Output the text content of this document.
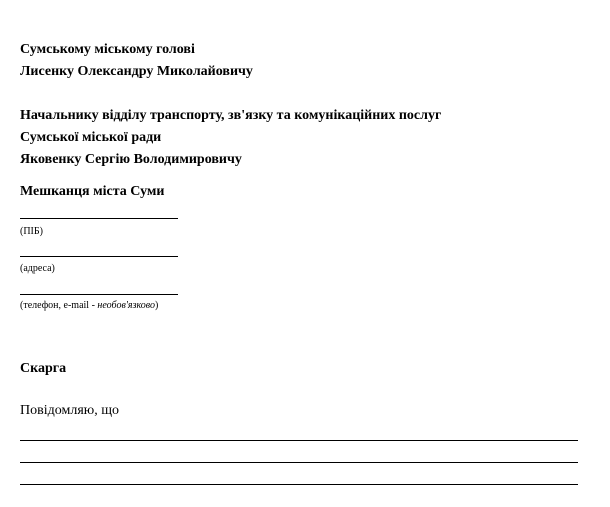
Сумському міському голові
Лисенку Олександру Миколайовичу
Начальнику відділу транспорту, зв'язку та комунікаційних послуг
Сумської міської ради
Яковенку Сергію Володимировичу
Мешканця міста Суми
(ПІБ)
(адреса)
(телефон, e-mail - необов'язково)
Скарга
Повідомляю, що
